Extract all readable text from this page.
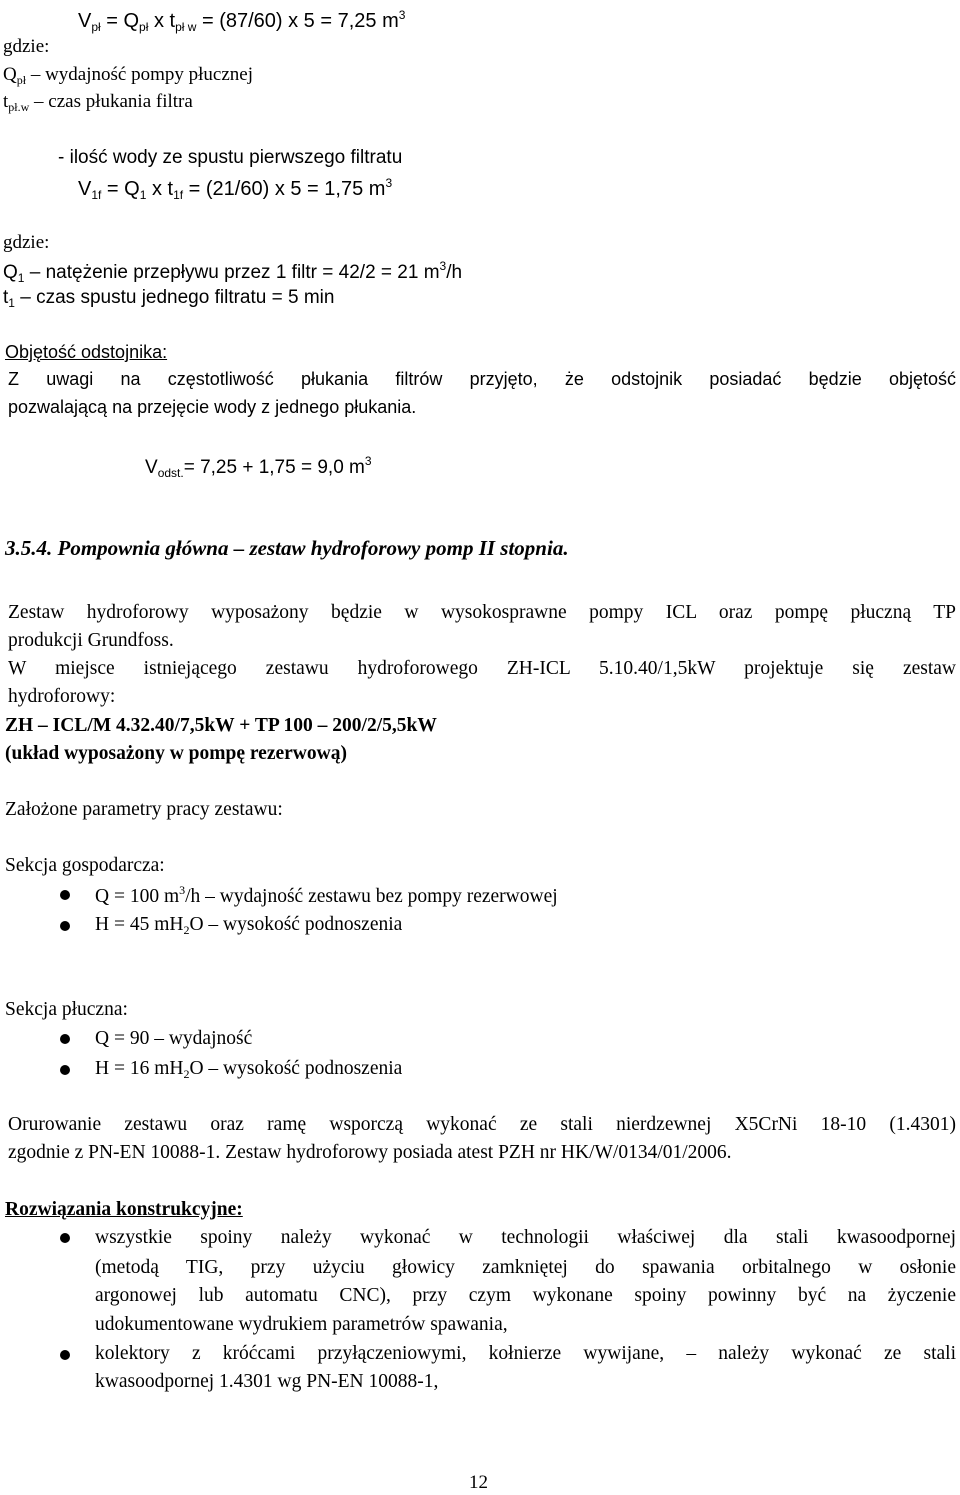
$V_{pł} = Q_{pł}$ x $t_{pł w} = (87/60)$ x 5 = 7,25 $m^3$
gdzie:
$Q_{pł}$ – wydajność pompy płucznej
$t_{pł.w}$ – czas płukania filtra
- ilość wody ze spustu pierwszego filtratu
$V_{1f} = Q_1$ x $t_{1f} = (21/60)$ x 5 = 1,75 $m^3$
gdzie:
$Q_1$ – natężenie przepływu przez 1 filtr = 42/2 = 21 $m^3/h$
$t_1$ – czas spustu jednego filtratu = 5 min
Objętość odstojnika:
Z uwagi na częstotliwość płukania filtrów przyjęto, że odstojnik posiadać będzie objętość
pozwalającą na przejęcie wody z jednego płukania.
$V_{odst.}= 7,25 + 1,75 = 9,0$ $m^3$
3.5.4. Pompownia główna – zestaw hydroforowy pomp II stopnia.
Zestaw hydroforowy wyposażony będzie w wysokosprawne pompy ICL oraz pompę płuczną TP
produkcji Grundfoss.
W miejsce istniejącego zestawu hydroforowego ZH-ICL 5.10.40/1,5kW projektuje się zestaw
hydroforowy:
ZH – ICL/M 4.32.40/7,5kW + TP 100 – 200/2/5,5kW
(układ wyposażony w pompę rezerwową)
Założone parametry pracy zestawu:
Sekcja gospodarcza:
Q = 100 $m^3/h$ – wydajność zestawu bez pompy rezerwowej
H = 45 $mH_2O$ – wysokość podnoszenia
Sekcja płuczna:
Q = 90 – wydajność
H = 16 $mH_2O$ – wysokość podnoszenia
Orurowanie zestawu oraz ramę wsporczą wykonać ze stali nierdzewnej X5CrNi 18-10 (1.4301)
zgodnie z PN-EN 10088-1. Zestaw hydroforowy posiada atest PZH nr HK/W/0134/01/2006.
Rozwiązania konstrukcyjne:
wszystkie spoiny należy wykonać w technologii właściwej dla stali kwasoodpornej
(metodą TIG, przy użyciu głowicy zamkniętej do spawania orbitalnego w osłonie
argonowej lub automatu CNC), przy czym wykonane spoiny powinny być na życzenie
udokumentowane wydrukiem parametrów spawania,
kolektory z króćcami przyłączeniowymi, kołnierze wywijane, – należy wykonać ze stali
kwasoodpornej 1.4301 wg PN-EN 10088-1,
12
